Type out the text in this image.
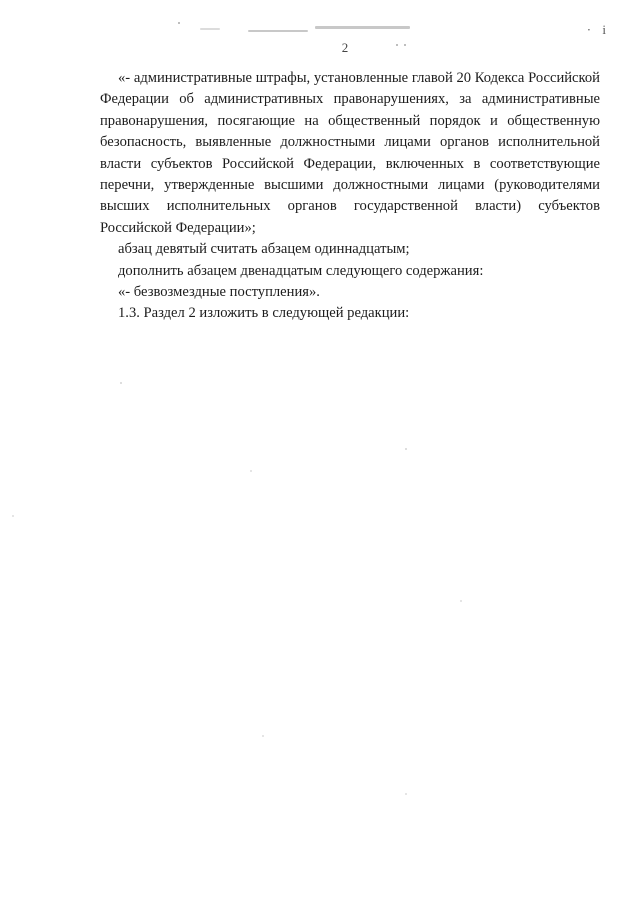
· і
2

«- административные штрафы, установленные главой 20 Кодекса Российской Федерации об административных правонарушениях, за административные правонарушения, посягающие на общественный порядок и общественную безопасность, выявленные должностными лицами органов исполнительной власти субъектов Российской Федерации, включенных в соответствующие перечни, утвержденные высшими должностными лицами (руководителями высших исполнительных органов государственной власти) субъектов Российской Федерации»;

абзац девятый считать абзацем одиннадцатым;

дополнить абзацем двенадцатым следующего содержания:

«- безвозмездные поступления».

1.3. Раздел 2 изложить в следующей редакции:
